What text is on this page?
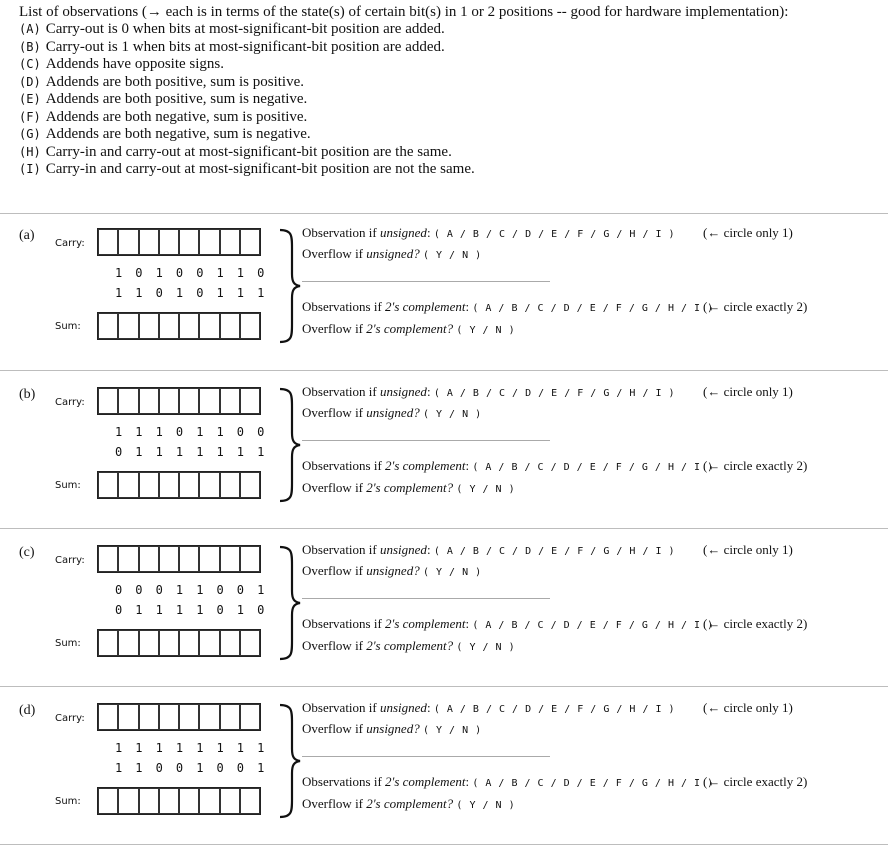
List of observations (→ each is in terms of the state(s) of certain bit(s) in 1 or 2 positions -- good for hardware implementation):

(A) Carry-out is 0 when bits at most-significant-bit position are added.
(B) Carry-out is 1 when bits at most-significant-bit position are added.
(C) Addends have opposite signs.
(D) Addends are both positive, sum is positive.
(E) Addends are both positive, sum is negative.
(F) Addends are both negative, sum is positive.
(G) Addends are both negative, sum is negative.
(H) Carry-in and carry-out at most-significant-bit position are the same.
(I) Carry-in and carry-out at most-significant-bit position are not the same.
(a)
Carry:
1	0	1	0	0	1	1	0
1	1	0	1	0	1	1	1
Sum:
Observation if unsigned: ( A / B / C / D / E / F / G / H / I ) (← circle only 1)
Overflow if unsigned? ( Y / N )
Observations if 2's complement: ( A / B / C / D / E / F / G / H / I )
(← circle exactly 2)
Overflow if 2's complement? ( Y / N )
(b)
Carry:
1	1	1	0	1	1	0	0
0	1	1	1	1	1	1	1
Sum:
Observation if unsigned: ( A / B / C / D / E / F / G / H / I ) (← circle only 1)
Overflow if unsigned? ( Y / N )
Observations if 2's complement: ( A / B / C / D / E / F / G / H / I )
(← circle exactly 2)
Overflow if 2's complement? ( Y / N )
(c)
Carry:
0	0	0	1	1	0	0	1
0	1	1	1	1	0	1	0
Sum:
Observation if unsigned: ( A / B / C / D / E / F / G / H / I ) (← circle only 1)
Overflow if unsigned? ( Y / N )
Observations if 2's complement: ( A / B / C / D / E / F / G / H / I )
(← circle exactly 2)
Overflow if 2's complement? ( Y / N )
(d)
Carry:
1	1	1	1	1	1	1	1
1	1	0	0	1	0	0	1
Sum:
Observation if unsigned: ( A / B / C / D / E / F / G / H / I ) (← circle only 1)
Overflow if unsigned? ( Y / N )
Observations if 2's complement: ( A / B / C / D / E / F / G / H / I )
(← circle exactly 2)
Overflow if 2's complement? ( Y / N )
